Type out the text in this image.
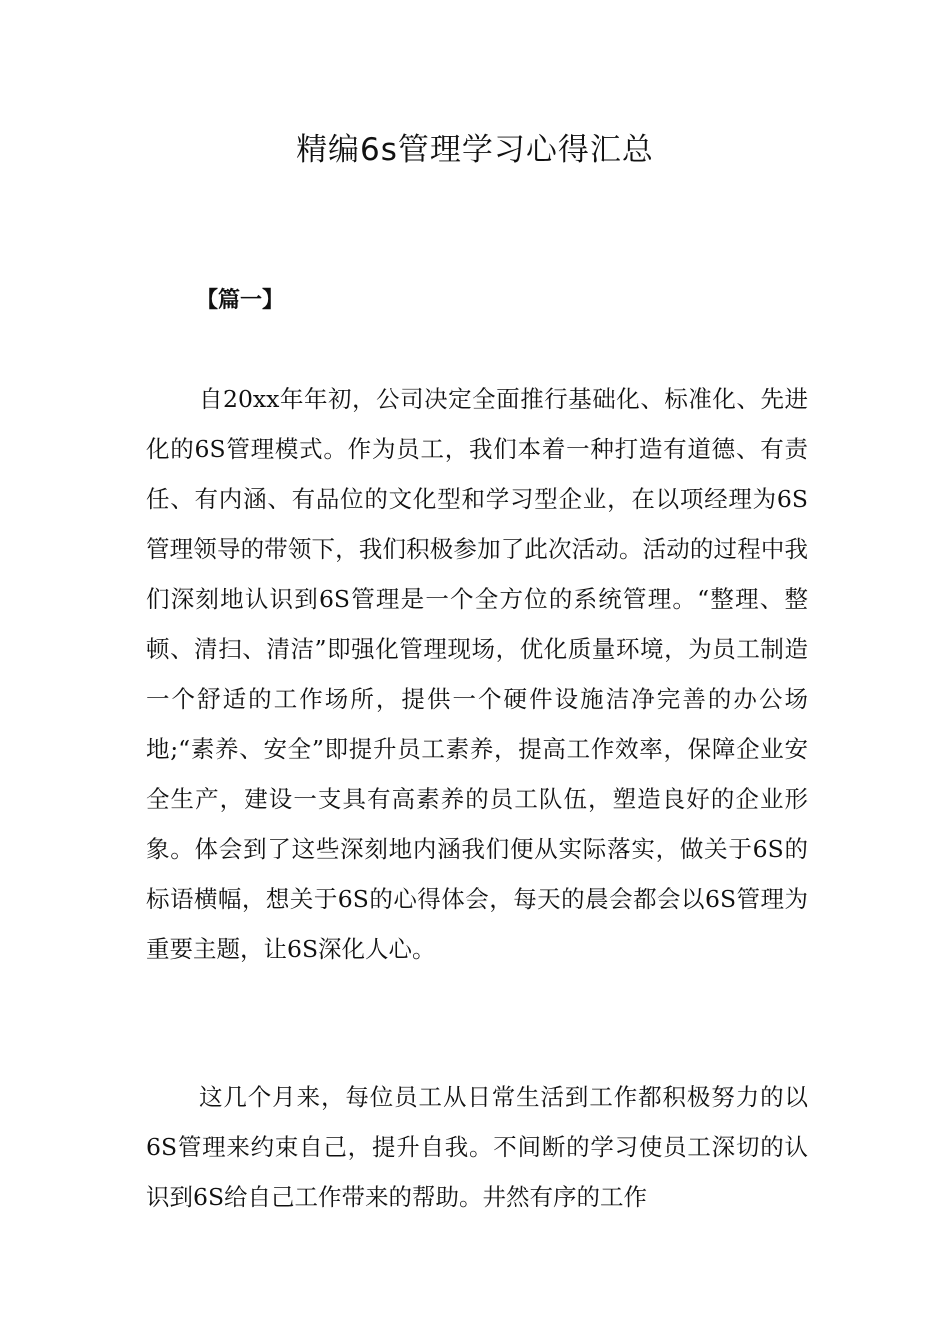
精编6s管理学习心得汇总
【篇一】

自20xx年年初，公司决定全面推行基础化、标准化、先进化的6S管理模式。作为员工，我们本着一种打造有道德、有责任、有内涵、有品位的文化型和学习型企业，在以项经理为6S管理领导的带领下，我们积极参加了此次活动。活动的过程中我们深刻地认识到6S管理是一个全方位的系统管理。“整理、整顿、清扫、清洁”即强化管理现场，优化质量环境，为员工制造一个舒适的工作场所，提供一个硬件设施洁净完善的办公场地;“素养、安全”即提升员工素养，提高工作效率，保障企业安全生产，建设一支具有高素养的员工队伍，塑造良好的企业形象。体会到了这些深刻地内涵我们便从实际落实，做关于6S的标语横幅，想关于6S的心得体会，每天的晨会都会以6S管理为重要主题，让6S深化人心。

这几个月来，每位员工从日常生活到工作都积极努力的以6S管理来约束自己，提升自我。不间断的学习使员工深切的认识到6S给自己工作带来的帮助。井然有序的工作
